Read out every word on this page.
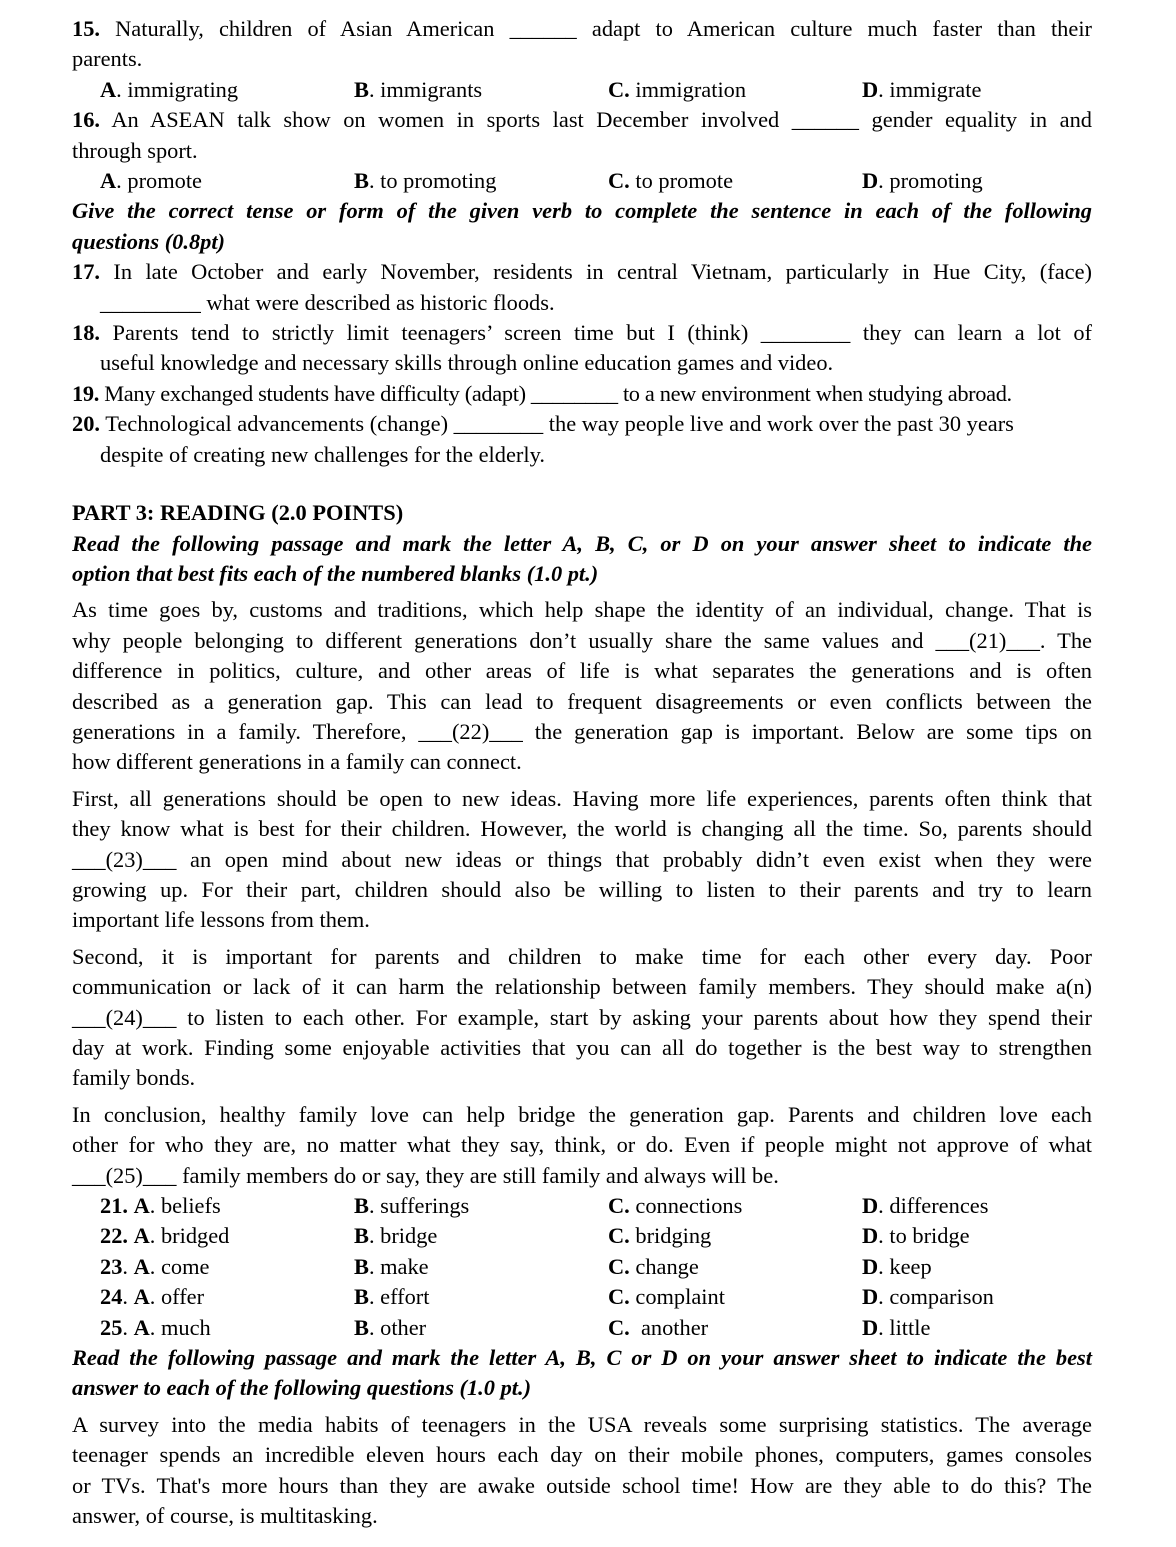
15. Naturally, children of Asian American ______ adapt to American culture much faster than their

parents.

A. immigrating	B. immigrants	C. immigration	D. immigrate

16. An ASEAN talk show on women in sports last December involved ______ gender equality in and

through sport.

A. promote	B. to promoting	C. to promote	D. promoting

Give the correct tense or form of the given verb to complete the sentence in each of the following

questions (0.8pt)

17. In late October and early November, residents in central Vietnam, particularly in Hue City, (face)

_________ what were described as historic floods.

18. Parents tend to strictly limit teenagers’ screen time but I (think) ________ they can learn a lot of

useful knowledge and necessary skills through online education games and video.

19. Many exchanged students have difficulty (adapt) ________ to a new environment when studying abroad.

20. Technological advancements (change) ________ the way people live and work over the past 30 years

despite of creating new challenges for the elderly.

PART 3: READING (2.0 POINTS)

Read the following passage and mark the letter A, B, C, or D on your answer sheet to indicate the

option that best fits each of the numbered blanks (1.0 pt.)

As time goes by, customs and traditions, which help shape the identity of an individual, change. That is

why people belonging to different generations don’t usually share the same values and ___(21)___. The

difference in politics, culture, and other areas of life is what separates the generations and is often

described as a generation gap. This can lead to frequent disagreements or even conflicts between the

generations in a family. Therefore, ___(22)___ the generation gap is important. Below are some tips on

how different generations in a family can connect.

First, all generations should be open to new ideas. Having more life experiences, parents often think that

they know what is best for their children. However, the world is changing all the time. So, parents should

___(23)___ an open mind about new ideas or things that probably didn’t even exist when they were

growing up. For their part, children should also be willing to listen to their parents and try to learn

important life lessons from them.

Second, it is important for parents and children to make time for each other every day. Poor

communication or lack of it can harm the relationship between family members. They should make a(n)

___(24)___ to listen to each other. For example, start by asking your parents about how they spend their

day at work. Finding some enjoyable activities that you can all do together is the best way to strengthen

family bonds.

In conclusion, healthy family love can help bridge the generation gap. Parents and children love each

other for who they are, no matter what they say, think, or do. Even if people might not approve of what

___(25)___ family members do or say, they are still family and always will be.

21. A. beliefs	B. sufferings	C. connections	D. differences
22. A. bridged	B. bridge	C. bridging	D. to bridge
23. A. come	B. make	C. change	D. keep
24. A. offer	B. effort	C. complaint	D. comparison
25. A. much	B. other	C.  another	D. little

Read the following passage and mark the letter A, B, C or D on your answer sheet to indicate the best

answer to each of the following questions (1.0 pt.)

A survey into the media habits of teenagers in the USA reveals some surprising statistics. The average

teenager spends an incredible eleven hours each day on their mobile phones, computers, games consoles

or TVs. That's more hours than they are awake outside school time! How are they able to do this? The

answer, of course, is multitasking.
